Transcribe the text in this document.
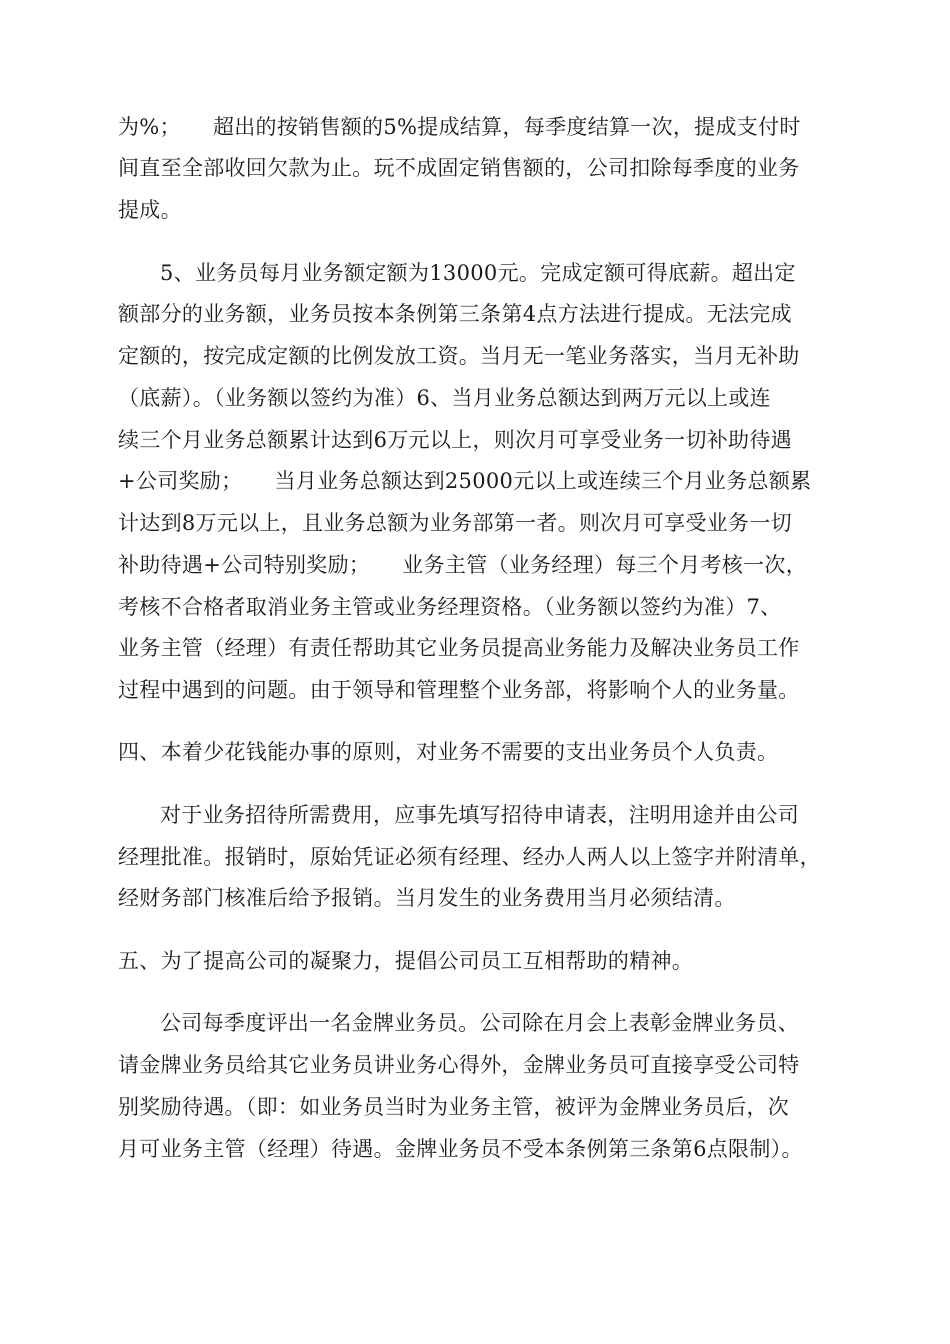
为%；　　超出的按销售额的5%提成结算，每季度结算一次，提成支付时
间直至全部收回欠款为止。玩不成固定销售额的，公司扣除每季度的业务
提成。
5、业务员每月业务额定额为13000元。完成定额可得底薪。超出定
额部分的业务额，业务员按本条例第三条第4点方法进行提成。无法完成
定额的，按完成定额的比例发放工资。当月无一笔业务落实，当月无补助
（底薪）。（业务额以签约为准）6、当月业务总额达到两万元以上或连
续三个月业务总额累计达到6万元以上，则次月可享受业务一切补助待遇
+公司奖励；　　当月业务总额达到25000元以上或连续三个月业务总额累
计达到8万元以上，且业务总额为业务部第一者。则次月可享受业务一切
补助待遇+公司特别奖励；　　业务主管（业务经理）每三个月考核一次，
考核不合格者取消业务主管或业务经理资格。（业务额以签约为准）7、
业务主管（经理）有责任帮助其它业务员提高业务能力及解决业务员工作
过程中遇到的问题。由于领导和管理整个业务部，将影响个人的业务量。
四、本着少花钱能办事的原则，对业务不需要的支出业务员个人负责。
对于业务招待所需费用，应事先填写招待申请表，注明用途并由公司
经理批准。报销时，原始凭证必须有经理、经办人两人以上签字并附清单，
经财务部门核准后给予报销。当月发生的业务费用当月必须结清。
五、为了提高公司的凝聚力，提倡公司员工互相帮助的精神。
公司每季度评出一名金牌业务员。公司除在月会上表彰金牌业务员、
请金牌业务员给其它业务员讲业务心得外，金牌业务员可直接享受公司特
别奖励待遇。（即：如业务员当时为业务主管，被评为金牌业务员后，次
月可业务主管（经理）待遇。金牌业务员不受本条例第三条第6点限制）。
